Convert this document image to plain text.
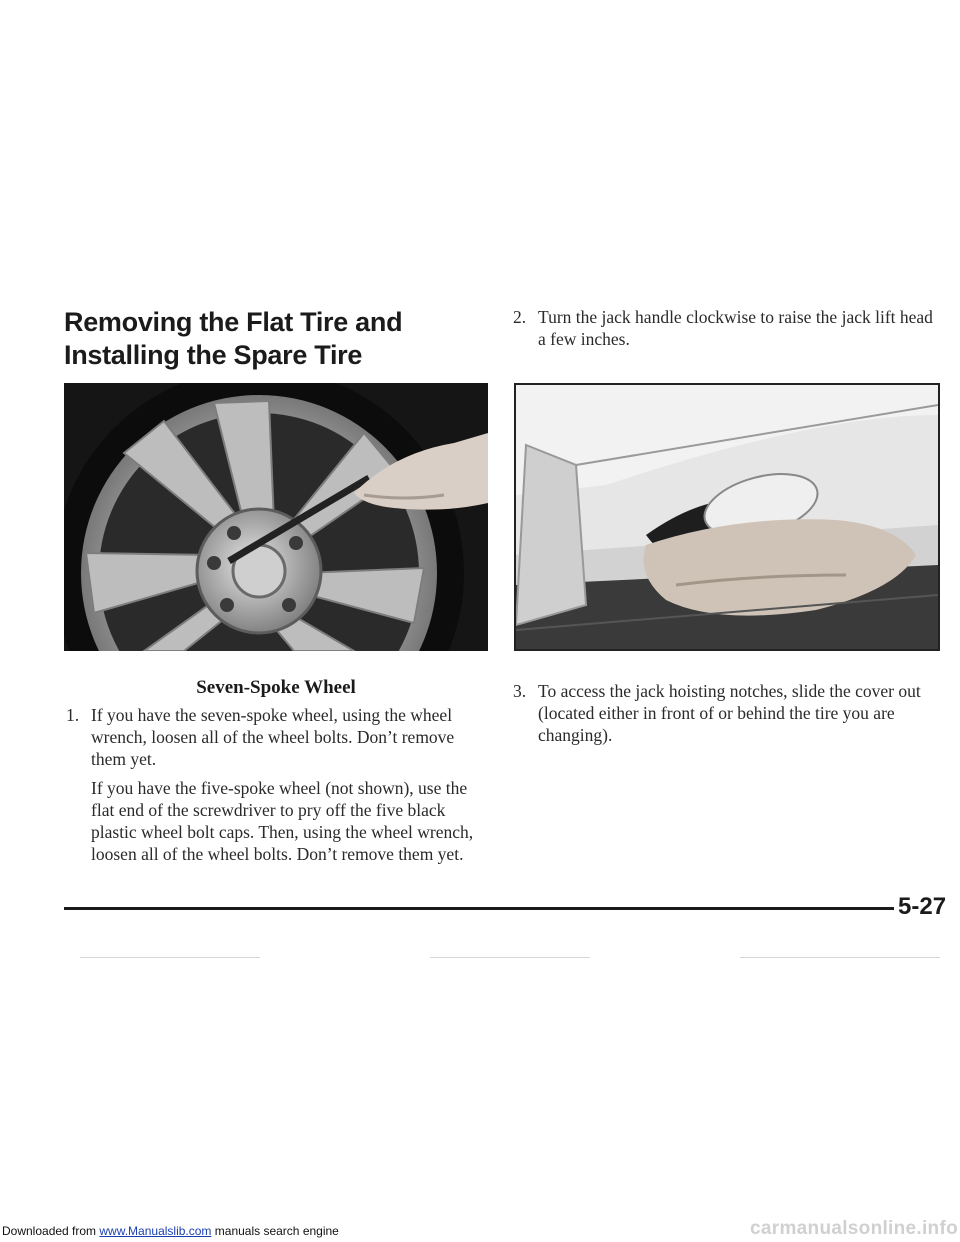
Removing the Flat Tire and Installing the Spare Tire
Seven-Spoke Wheel
1. If you have the seven-spoke wheel, using the wheel wrench, loosen all of the wheel bolts. Don’t remove them yet.
If you have the five-spoke wheel (not shown), use the flat end of the screwdriver to pry off the five black plastic wheel bolt caps. Then, using the wheel wrench, loosen all of the wheel bolts. Don’t remove them yet.
2. Turn the jack handle clockwise to raise the jack lift head a few inches.
3. To access the jack hoisting notches, slide the cover out (located either in front of or behind the tire you are changing).
5-27
Downloaded from www.Manualslib.com manuals search engine	carmanualsonline.info
